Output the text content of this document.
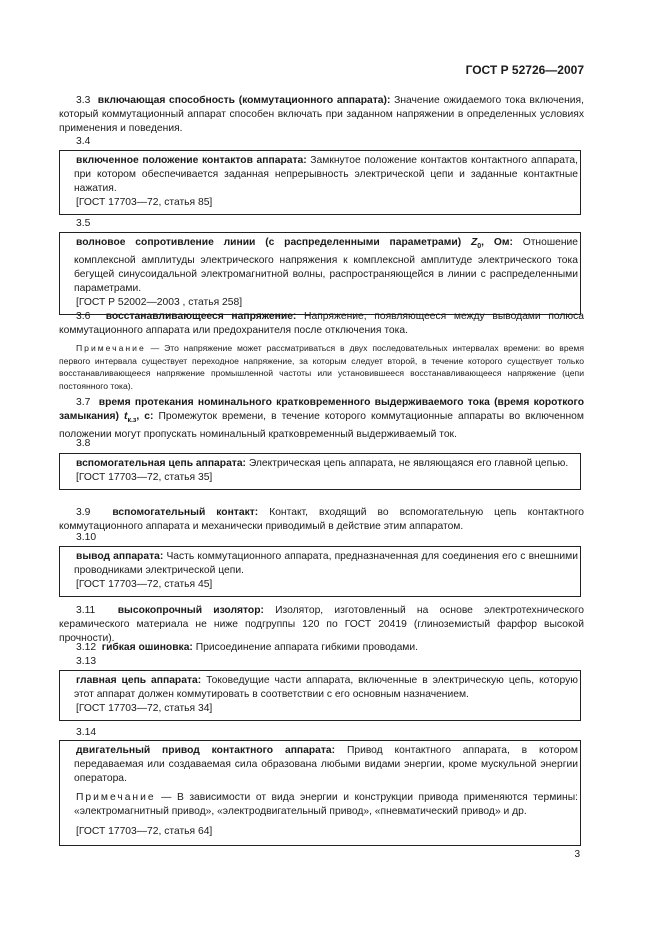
ГОСТ Р 52726—2007
3.3 включающая способность (коммутационного аппарата): Значение ожидаемого тока включения, который коммутационный аппарат способен включать при заданном напряжении в определенных условиях применения и поведения.
3.4
включенное положение контактов аппарата: Замкнутое положение контактов контактного аппарата, при котором обеспечивается заданная непрерывность электрической цепи и заданные контактные нажатия.
[ГОСТ 17703—72, статья 85]
3.5
волновое сопротивление линии (с распределенными параметрами) $Z_0$, Ом: Отношение комплексной амплитуды электрического напряжения к комплексной амплитуде электрического тока бегущей синусоидальной электромагнитной волны, распространяющейся в линии с распределенными параметрами.
[ГОСТ Р 52002—2003 , статья 258]
3.6 восстанавливающееся напряжение: Напряжение, появляющееся между выводами полюса коммутационного аппарата или предохранителя после отключения тока.
Примечание — Это напряжение может рассматриваться в двух последовательных интервалах времени: во время первого интервала существует переходное напряжение, за которым следует второй, в течение которого существует только восстанавливающееся напряжение промышленной частоты или установившееся восстанавливающееся напряжение (цепи постоянного тока).
3.7 время протекания номинального кратковременного выдерживаемого тока (время короткого замыкания) $t_{к.з}$, с: Промежуток времени, в течение которого коммутационные аппараты во включенном положении могут пропускать номинальный кратковременный выдерживаемый ток.
3.8
вспомогательная цепь аппарата: Электрическая цепь аппарата, не являющаяся его главной цепью.
[ГОСТ 17703—72, статья 35]
3.9 вспомогательный контакт: Контакт, входящий во вспомогательную цепь контактного коммутационного аппарата и механически приводимый в действие этим аппаратом.
3.10
вывод аппарата: Часть коммутационного аппарата, предназначенная для соединения его с внешними проводниками электрической цепи.
[ГОСТ 17703—72, статья 45]
3.11 высокопрочный изолятор: Изолятор, изготовленный на основе электротехнического керамического материала не ниже подгруппы 120 по ГОСТ 20419 (глиноземистый фарфор высокой прочности).
3.12 гибкая ошиновка: Присоединение аппарата гибкими проводами.
3.13
главная цепь аппарата: Токоведущие части аппарата, включенные в электрическую цепь, которую этот аппарат должен коммутировать в соответствии с его основным назначением.
[ГОСТ 17703—72, статья 34]
3.14
двигательный привод контактного аппарата: Привод контактного аппарата, в котором передаваемая или создаваемая сила образована любыми видами энергии, кроме мускульной энергии оператора.
Примечание — В зависимости от вида энергии и конструкции привода применяются термины: «электромагнитный привод», «электродвигательный привод», «пневматический привод» и др.
[ГОСТ 17703—72, статья 64]
3
